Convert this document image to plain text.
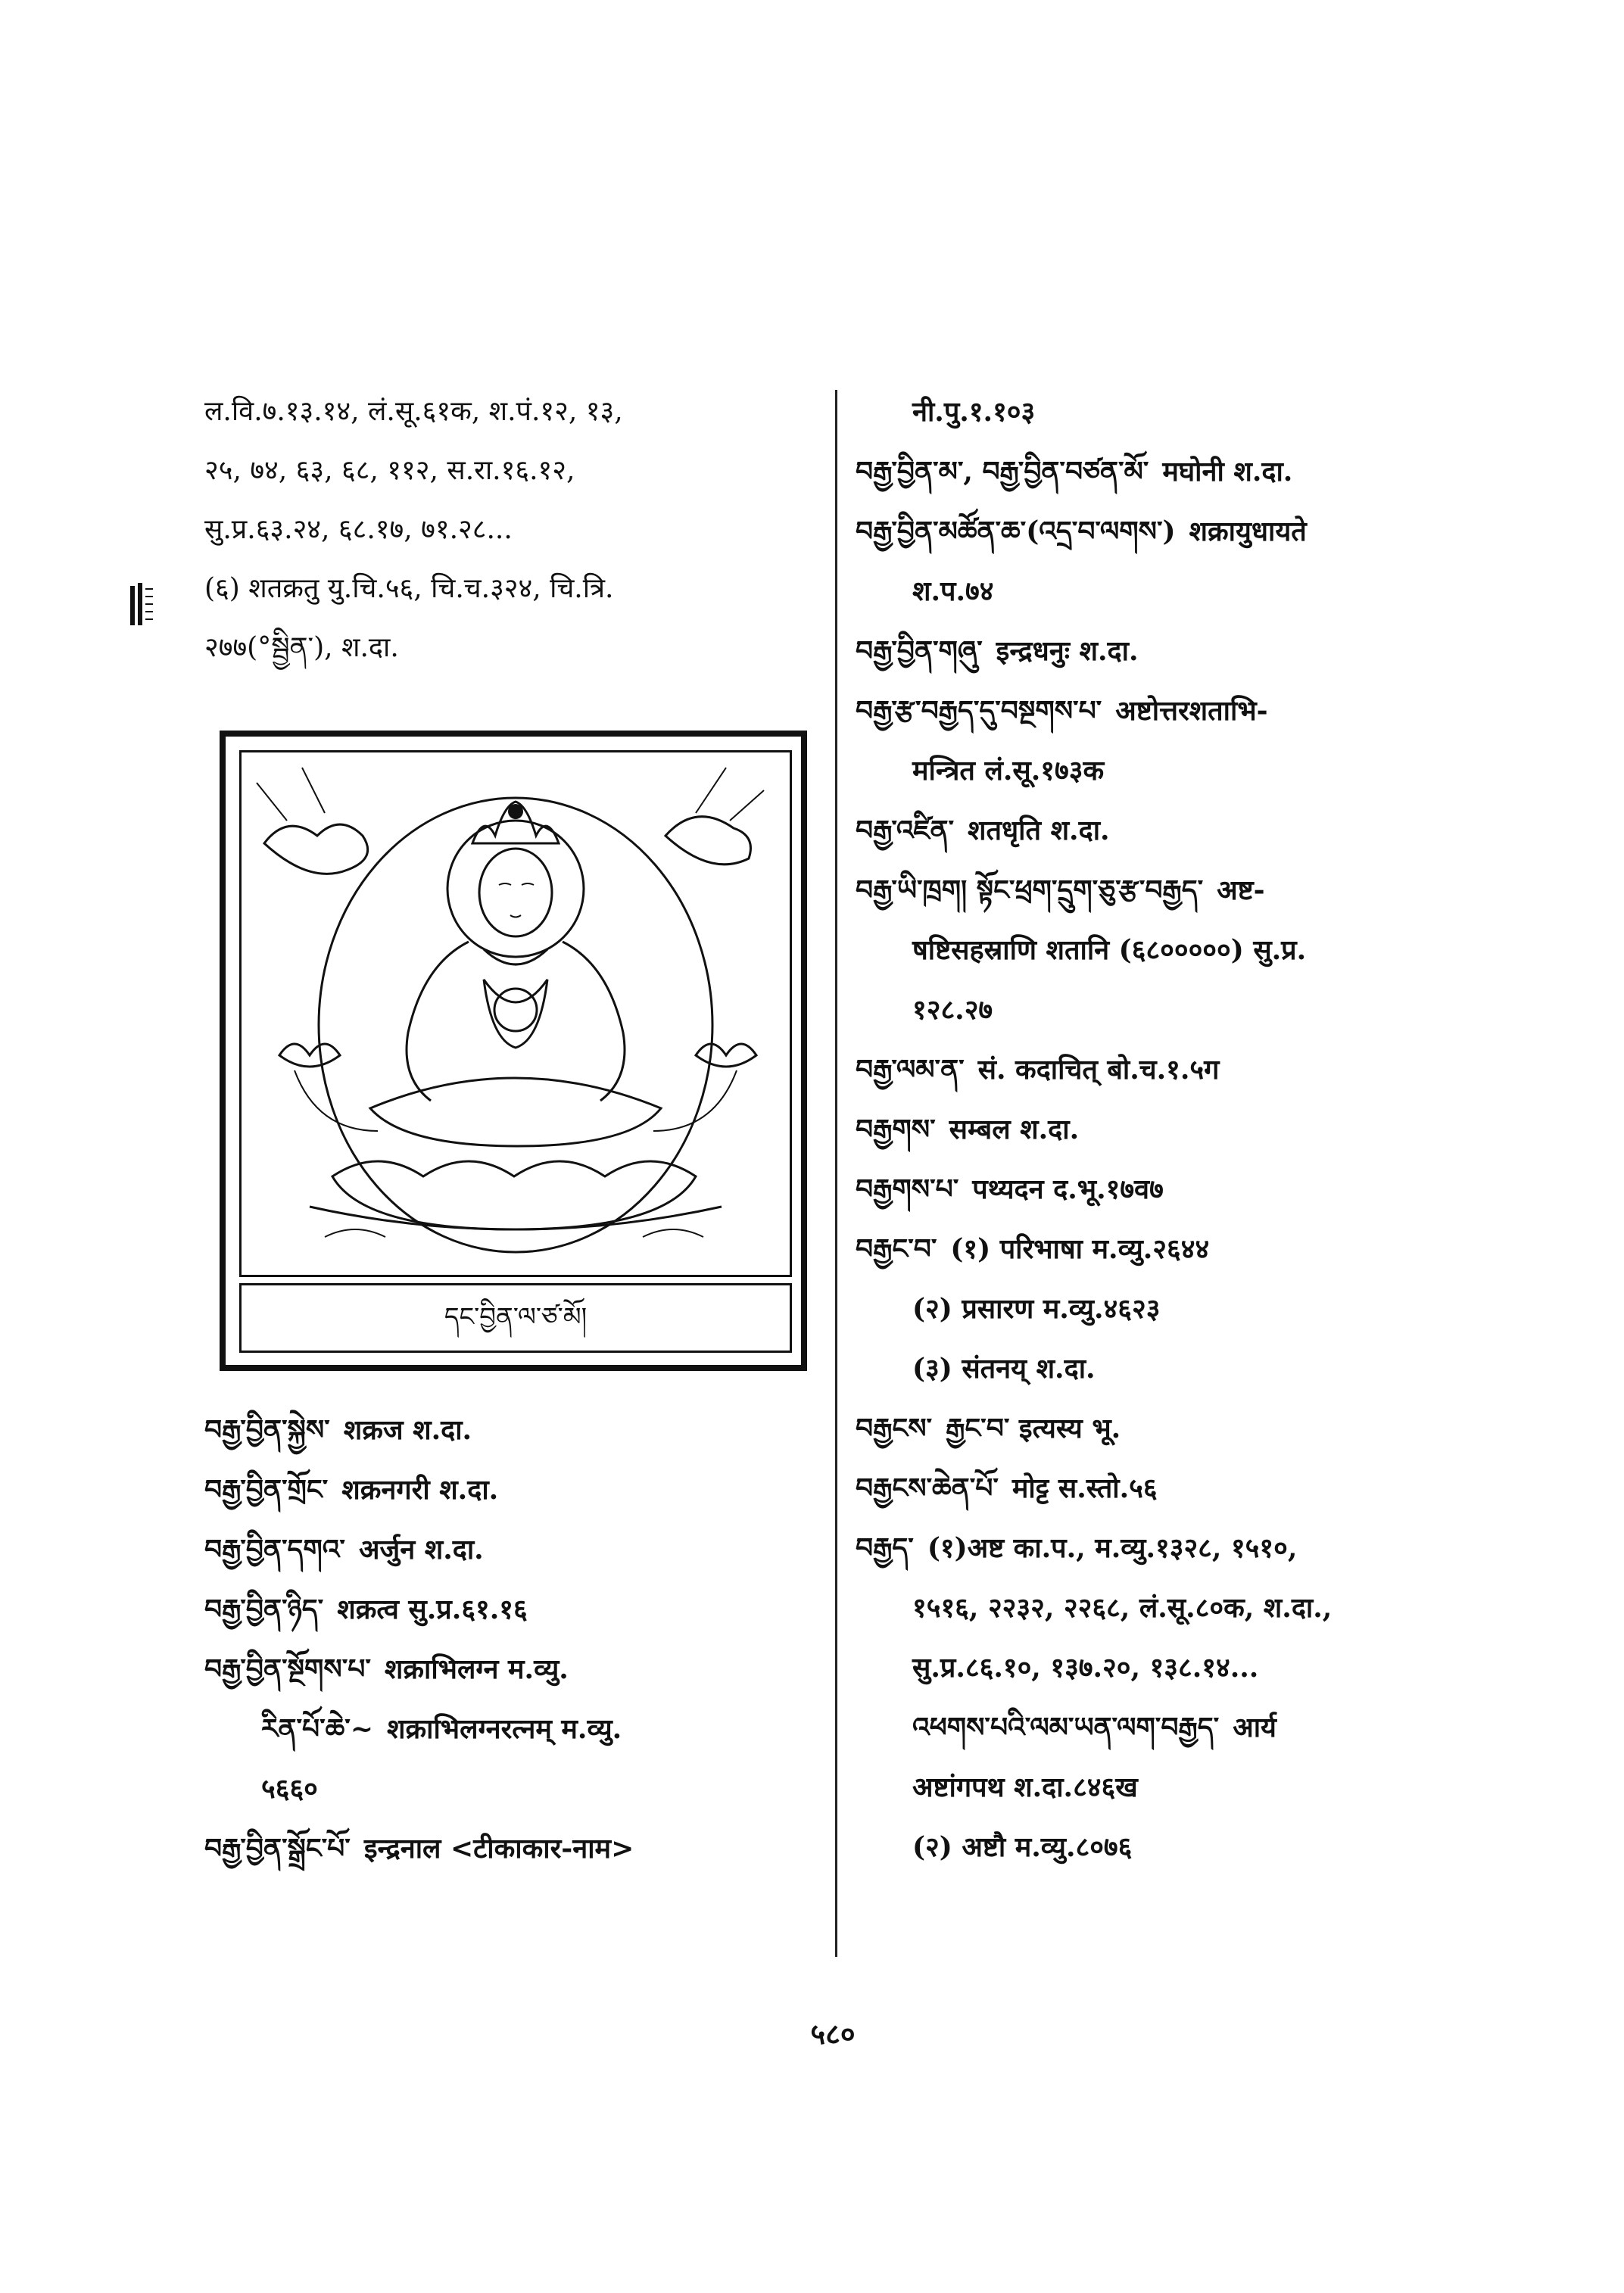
ल.वि.७.१३.१४, लं.सू.६१क, श.पं.१२, १३,
२५, ७४, ६३, ६८, ११२, स.रा.१६.१२,
सु.प्र.६३.२४, ६८.१७, ७१.२८...
(६) शतक्रतु यु.चि.५६, चि.च.३२४, चि.त्रि.
२७७(°སྦྱིན་), श.दा.
དང་བྱིན་ལ་ཙ་མོ།
བརྒྱ་བྱིན་སྐྱེས་ शक्रज श.दा.
བརྒྱ་བྱིན་གྲོང་ शक्रनगरी श.दा.
བརྒྱ་བྱིན་དགའ་ अर्जुन श.दा.
བརྒྱ་བྱིན་ཉིད་ शक्रत्व सु.प्र.६१.१६
བརྒྱ་བྱིན་སྔོགས་པ་ शक्राभिलग्न म.व्यु.
རིན་པོ་ཆེ་~ शक्राभिलग्नरत्नम् म.व्यु.
५६६०
བརྒྱ་བྱིན་སྒྲོང་པོ་ इन्द्रनाल <टीकाकार-नाम>
नी.पु.१.१०३
བརྒྱ་བྱིན་མ་, བརྒྱ་བྱིན་བཙན་མོ་ मघोनी श.दा.
བརྒྱ་བྱིན་མཚོན་ཆ་(འདྲ་བ་ལགས་) शक्रायुधायते
श.प.७४
བརྒྱ་བྱིན་གཞུ་ इन्द्रधनुः श.दा.
བརྒྱ་རྩ་བརྒྱད་དུ་བསྔགས་པ་ अष्टोत्तरशताभि-
मन्त्रित लं.सू.१७३क
བརྒྱ་འཛིན་ शतधृति श.दा.
བརྒྱ་ཡི་ཁྲག། སྟོང་ཕྲག་དྲུག་ཅུ་རྩ་བརྒྱད་ अष्ट-
षष्टिसहस्राणि शतानि (६८०००००) सु.प्र.
१२८.२७
བརྒྱ་ལམ་ན་ सं. कदाचित् बो.च.१.५ग
བརྒྱགས་ सम्बल श.दा.
བརྒྱགས་པ་ पथ्यदन द.भू.१७व७
བརྒྱང་བ་ (१) परिभाषा म.व्यु.२६४४
(२) प्रसारण म.व्यु.४६२३
(३) संतनय् श.दा.
བརྒྱངས་ རྒྱང་བ་ इत्यस्य भू.
བརྒྱངས་ཆེན་པོ་ मोट्ट स.स्तो.५६
བརྒྱད་ (१)अष्ट का.प., म.व्यु.१३२८, १५१०,
१५१६, २२३२, २२६८, लं.सू.८०क, श.दा.,
सु.प्र.८६.१०, १३७.२०, १३८.१४...
འཕགས་པའི་ལམ་ཡན་ལག་བརྒྱད་ आर्य
अष्टांगपथ श.दा.८४६ख
(२) अष्टौ म.व्यु.८०७६
५८०
